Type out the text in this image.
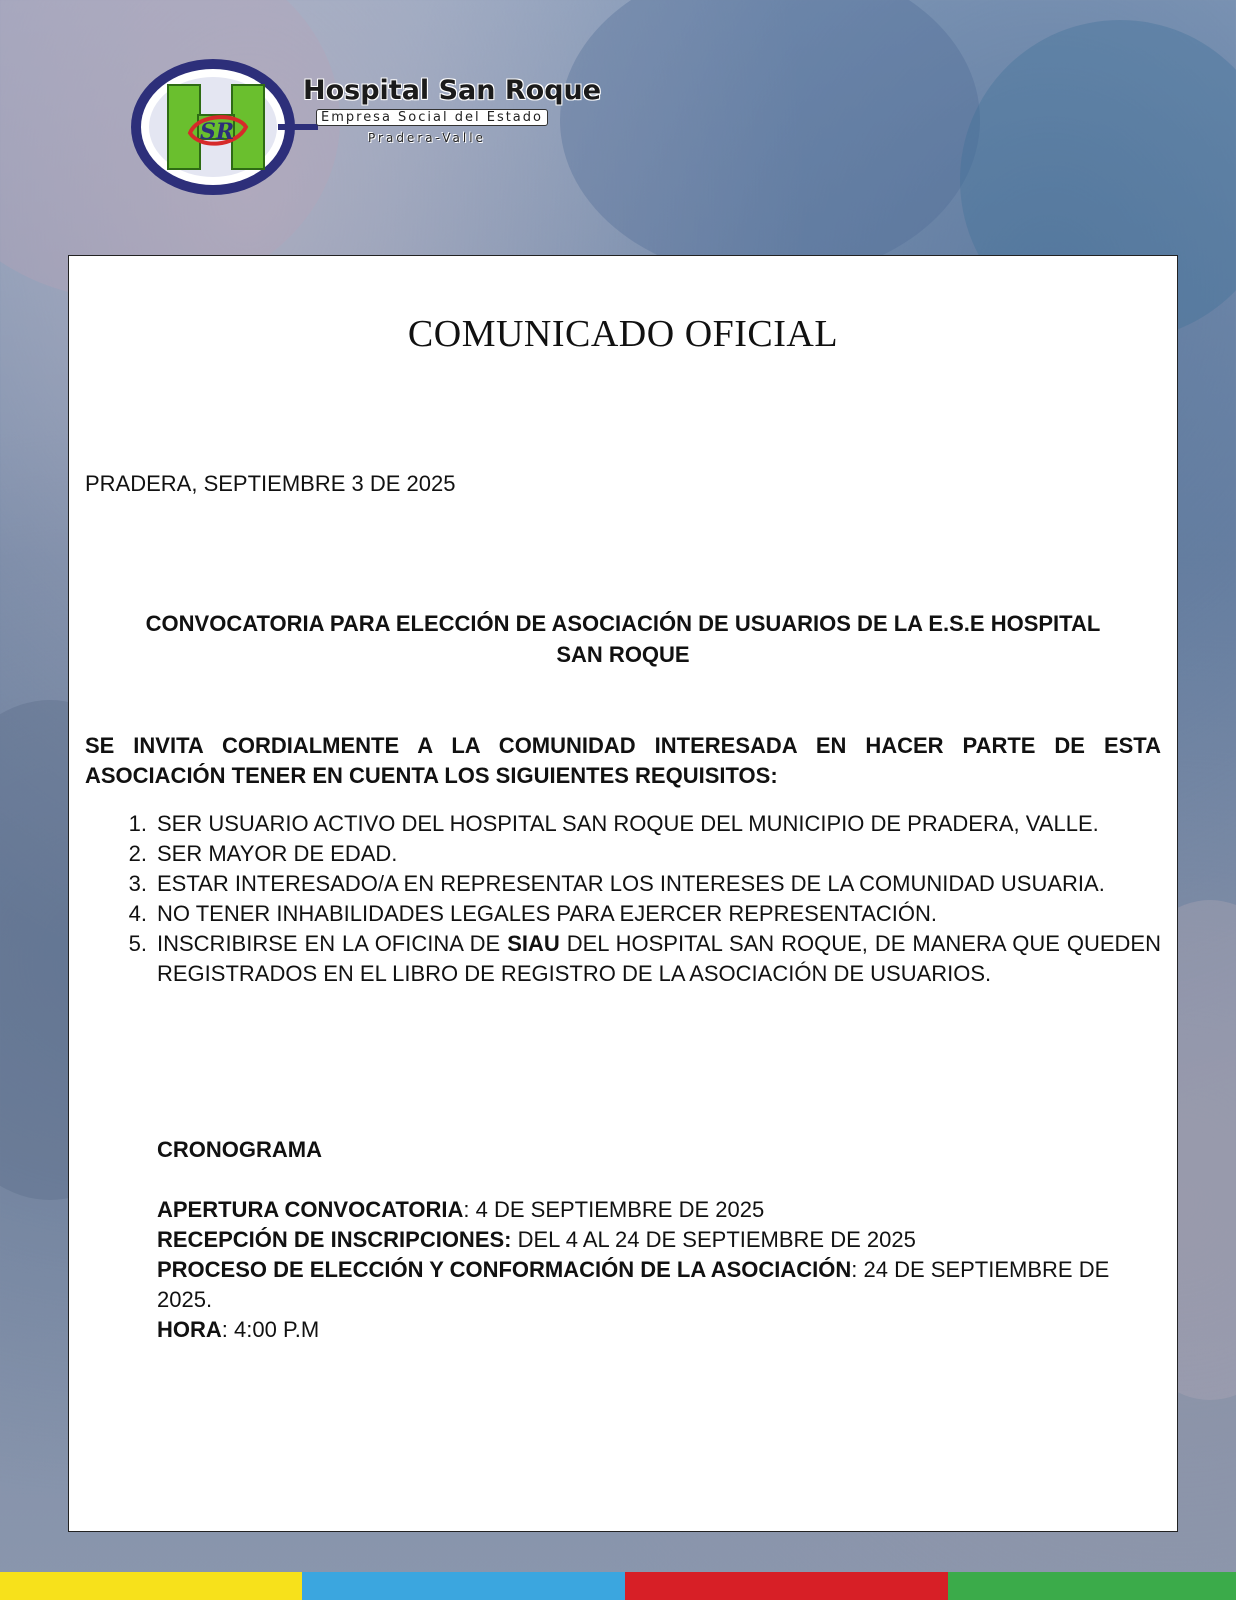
SR
Hospital San Roque
Empresa Social del Estado
Pradera-Valle
COMUNICADO OFICIAL
PRADERA, SEPTIEMBRE 3 DE 2025
CONVOCATORIA PARA ELECCIÓN DE ASOCIACIÓN DE USUARIOS DE LA E.S.E HOSPITAL
SAN ROQUE
SE INVITA CORDIALMENTE A LA COMUNIDAD INTERESADA EN HACER PARTE DE ESTA ASOCIACIÓN TENER EN CUENTA LOS SIGUIENTES REQUISITOS:
1. SER USUARIO ACTIVO DEL HOSPITAL SAN ROQUE DEL MUNICIPIO DE PRADERA, VALLE.
2. SER MAYOR DE EDAD.
3. ESTAR INTERESADO/A EN REPRESENTAR LOS INTERESES DE LA COMUNIDAD USUARIA.
4. NO TENER INHABILIDADES LEGALES PARA EJERCER REPRESENTACIÓN.
5. INSCRIBIRSE EN LA OFICINA DE SIAU DEL HOSPITAL SAN ROQUE, DE MANERA QUE QUEDEN REGISTRADOS EN EL LIBRO DE REGISTRO DE LA ASOCIACIÓN DE USUARIOS.
CRONOGRAMA
APERTURA CONVOCATORIA: 4 DE SEPTIEMBRE DE 2025
RECEPCIÓN DE INSCRIPCIONES: DEL 4 AL 24 DE SEPTIEMBRE DE 2025
PROCESO DE ELECCIÓN Y CONFORMACIÓN DE LA ASOCIACIÓN: 24 DE SEPTIEMBRE DE 2025.
HORA: 4:00 P.M
